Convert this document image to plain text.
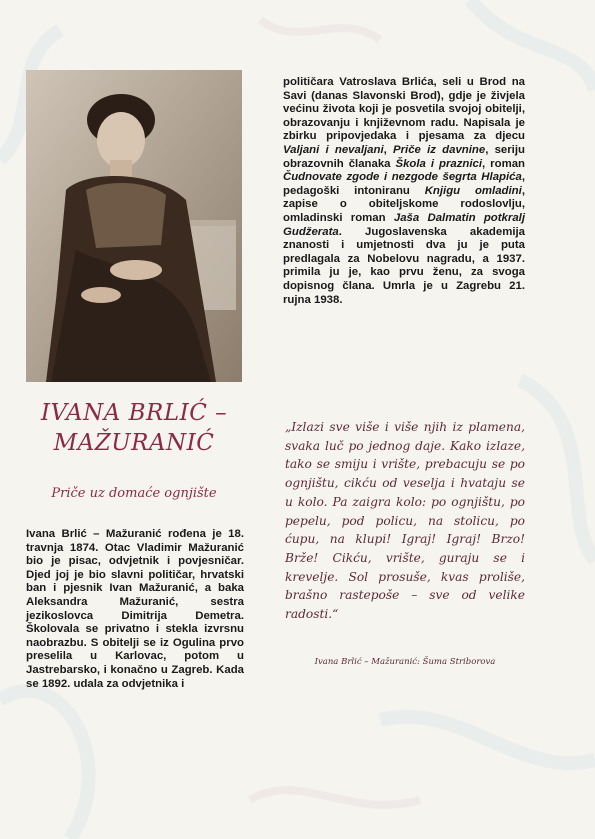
IVANA BRLIĆ –
MAŽURANIĆ
Priče uz domaće ognjište
Ivana Brlić – Mažuranić rođena je 18. travnja 1874. Otac Vladimir Mažuranić bio je pisac, odvjetnik i povjesničar. Djed joj je bio slavni političar, hrvatski ban i pjesnik Ivan Mažuranić, a baka Aleksandra Mažuranić, sestra jezikoslovca Dimitrija Demetra. Školovala se privatno i stekla izvrsnu naobrazbu. S obitelji se iz Ogulina prvo preselila u Karlovac, potom u Jastrebarsko, i konačno u Zagreb. Kada se 1892. udala za odvjetnika i
političara Vatroslava Brlića, seli u Brod na Savi (danas Slavonski Brod), gdje je živjela većinu života koji je posvetila svojoj obitelji, obrazovanju i književnom radu. Napisala je zbirku pripovjedaka i pjesama za djecu Valjani i nevaljani, Priče iz davnine, seriju obrazovnih članaka Škola i praznici, roman Čudnovate zgode i nezgode šegrta Hlapića, pedagoški intoniranu Knjigu omladini, zapise o obiteljskome rodoslovlju, omladinski roman Jaša Dalmatin potkralj Gudžerata. Jugoslavenska akademija znanosti i umjetnosti dva ju je puta predlagala za Nobelovu nagradu, a 1937. primila ju je, kao prvu ženu, za svoga dopisnog člana. Umrla je u Zagrebu 21. rujna 1938.
„Izlazi sve više i više njih iz plamena, svaka luč po jednog daje. Kako izlaze, tako se smiju i vrište, prebacuju se po ognjištu, cikću od veselja i hvataju se u kolo. Pa zaigra kolo: po ognjištu, po pepelu, pod policu, na stolicu, po ćupu, na klupi! Igraj! Igraj! Brzo! Brže! Cikću, vrište, guraju se i krevelje. Sol prosuše, kvas proliše, brašno rastepoše – sve od velike radosti.“
Ivana Brlić – Mažuranić: Šuma Striborova
